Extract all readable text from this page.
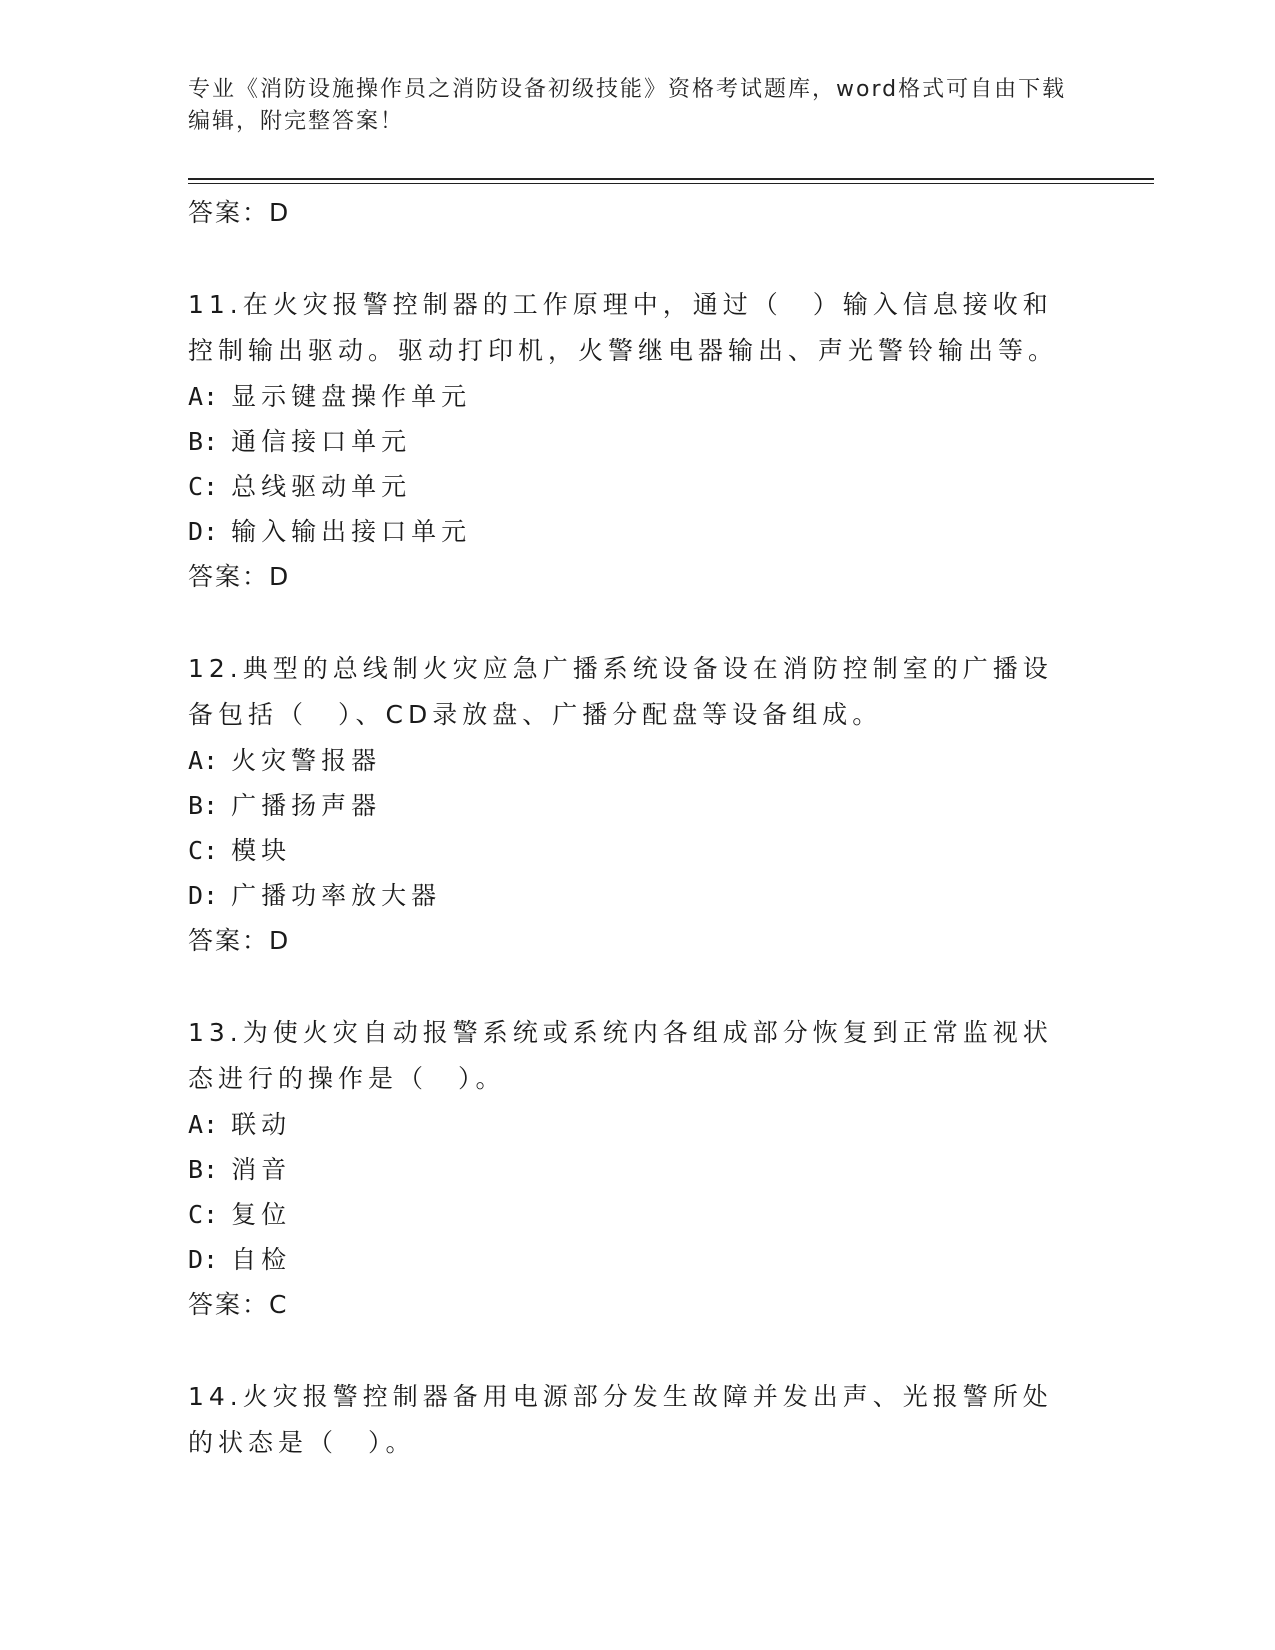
专业《消防设施操作员之消防设备初级技能》资格考试题库，word格式可自由下载编辑，附完整答案！
答案：D
11.在火灾报警控制器的工作原理中，通过（　）输入信息接收和控制输出驱动。驱动打印机，火警继电器输出、声光警铃输出等。
A: 显示键盘操作单元
B: 通信接口单元
C: 总线驱动单元
D: 输入输出接口单元
答案：D
12.典型的总线制火灾应急广播系统设备设在消防控制室的广播设备包括（　）、CD录放盘、广播分配盘等设备组成。
A: 火灾警报器
B: 广播扬声器
C: 模块
D: 广播功率放大器
答案：D
13.为使火灾自动报警系统或系统内各组成部分恢复到正常监视状态进行的操作是（　）。
A: 联动
B: 消音
C: 复位
D: 自检
答案：C
14.火灾报警控制器备用电源部分发生故障并发出声、光报警所处的状态是（　）。
